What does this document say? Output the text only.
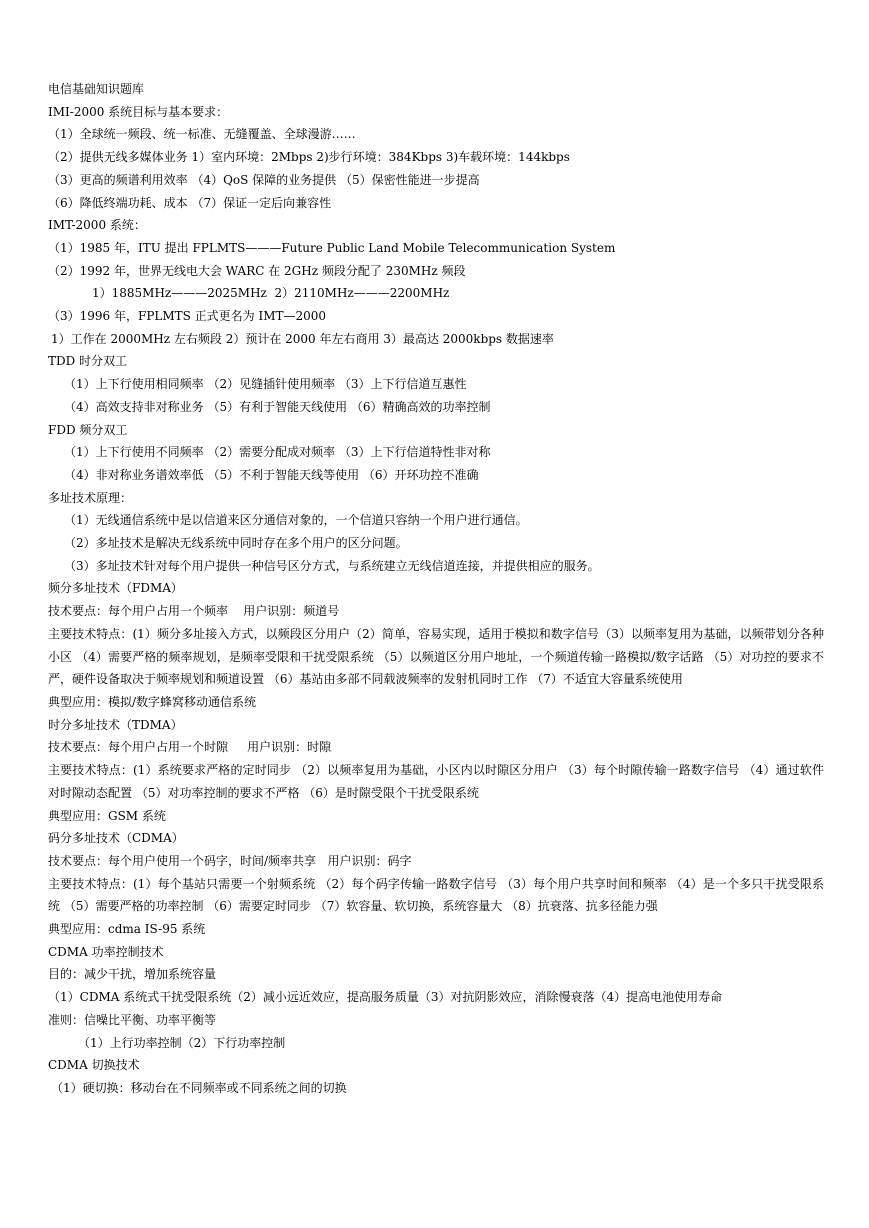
电信基础知识题库
IMI-2000 系统目标与基本要求：
（1）全球统一频段、统一标准、无缝覆盖、全球漫游……
（2）提供无线多媒体业务 1）室内环境：2Mbps 2)步行环境：384Kbps 3)车载环境：144kbps
（3）更高的频谱利用效率 （4）QoS 保障的业务提供 （5）保密性能进一步提高
（6）降低终端功耗、成本 （7）保证一定后向兼容性
IMT-2000 系统：
（1）1985 年，ITU 提出 FPLMTS———Future Public Land Mobile Telecommunication System
（2）1992 年，世界无线电大会 WARC 在 2GHz 频段分配了 230MHz 频段
1）1885MHz———2025MHz  2）2110MHz———2200MHz
（3）1996 年，FPLMTS 正式更名为 IMT—2000
1）工作在 2000MHz 左右频段 2）预计在 2000 年左右商用 3）最高达 2000kbps 数据速率
TDD 时分双工
（1）上下行使用相同频率 （2）见缝插针使用频率 （3）上下行信道互惠性
（4）高效支持非对称业务 （5）有利于智能天线使用 （6）精确高效的功率控制
FDD 频分双工
（1）上下行使用不同频率 （2）需要分配成对频率 （3）上下行信道特性非对称
（4）非对称业务谱效率低 （5）不利于智能天线等使用 （6）开环功控不准确
多址技术原理：
（1）无线通信系统中是以信道来区分通信对象的，一个信道只容纳一个用户进行通信。
（2）多址技术是解决无线系统中同时存在多个用户的区分问题。
（3）多址技术针对每个用户提供一种信号区分方式，与系统建立无线信道连接，并提供相应的服务。
频分多址技术（FDMA）
技术要点：每个用户占用一个频率    用户识别：频道号
主要技术特点：(1）频分多址接入方式，以频段区分用户（2）简单，容易实现，适用于模拟和数字信号（3）以频率复用为基础，以频带划分各种小区 （4）需要严格的频率规划，是频率受限和干扰受限系统 （5）以频道区分用户地址，一个频道传输一路模拟/数字话路 （5）对功控的要求不严，硬件设备取决于频率规划和频道设置 （6）基站由多部不同载波频率的发射机同时工作 （7）不适宜大容量系统使用
典型应用：模拟/数字蜂窝移动通信系统
时分多址技术（TDMA）
技术要点：每个用户占用一个时隙     用户识别：时隙
主要技术特点：(1）系统要求严格的定时同步 （2）以频率复用为基础，小区内以时隙区分用户 （3）每个时隙传输一路数字信号 （4）通过软件对时隙动态配置 （5）对功率控制的要求不严格 （6）是时隙受限个干扰受限系统
典型应用：GSM 系统
码分多址技术（CDMA）
技术要点：每个用户使用一个码字，时间/频率共享   用户识别：码字
主要技术特点：(1）每个基站只需要一个射频系统 （2）每个码字传输一路数字信号 （3）每个用户共享时间和频率 （4）是一个多只干扰受限系统 （5）需要严格的功率控制 （6）需要定时同步 （7）软容量、软切换，系统容量大 （8）抗衰落、抗多径能力强
典型应用：cdma IS-95 系统
CDMA 功率控制技术
目的：减少干扰，增加系统容量
（1）CDMA 系统式干扰受限系统（2）减小远近效应，提高服务质量（3）对抗阴影效应，消除慢衰落（4）提高电池使用寿命
准则：信噪比平衡、功率平衡等
（1）上行功率控制（2）下行功率控制
CDMA 切换技术
（1）硬切换：移动台在不同频率或不同系统之间的切换
